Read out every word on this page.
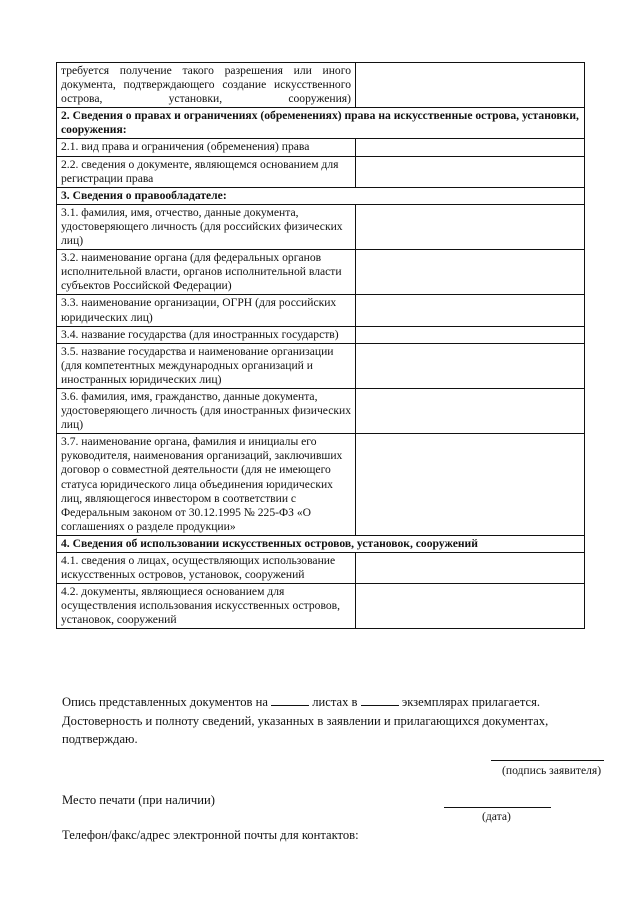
требуется получение такого разрешения или иного документа, подтверждающего создание искусственного острова, установки, сооружения)	
2. Сведения о правах и ограничениях (обременениях) права на искусственные острова, установки, сооружения:	
2.1. вид права и ограничения (обременения) права	
2.2. сведения о документе, являющемся основанием для регистрации права	
3. Сведения о правообладателе:	
3.1. фамилия, имя, отчество, данные документа, удостоверяющего личность (для российских физических лиц)	
3.2. наименование органа (для федеральных органов исполнительной власти, органов исполнительной власти субъектов Российской Федерации)	
3.3. наименование организации, ОГРН (для российских юридических лиц)	
3.4. название государства (для иностранных государств)	
3.5. название государства и наименование организации (для компетентных международных организаций и иностранных юридических лиц)	
3.6. фамилия, имя, гражданство, данные документа, удостоверяющего личность (для иностранных физических лиц)	
3.7. наименование органа, фамилия и инициалы его руководителя, наименования организаций, заключивших договор о совместной деятельности (для не имеющего статуса юридического лица объединения юридических лиц, являющегося инвестором в соответствии с Федеральным законом от 30.12.1995 № 225-ФЗ «О соглашениях о разделе продукции»	
4. Сведения об использовании искусственных островов, установок, сооружений	
4.1. сведения о лицах, осуществляющих использование искусственных островов, установок, сооружений	
4.2. документы, являющиеся основанием для осуществления использования искусственных островов, установок, сооружений	
Опись представленных документов на	листах в	экземплярах прилагается.
Достоверность и полноту сведений, указанных в заявлении и прилагающихся документах,
подтверждаю.
(подпись заявителя)
Место печати (при наличии)
(дата)
Телефон/факс/адрес электронной почты для контактов:
